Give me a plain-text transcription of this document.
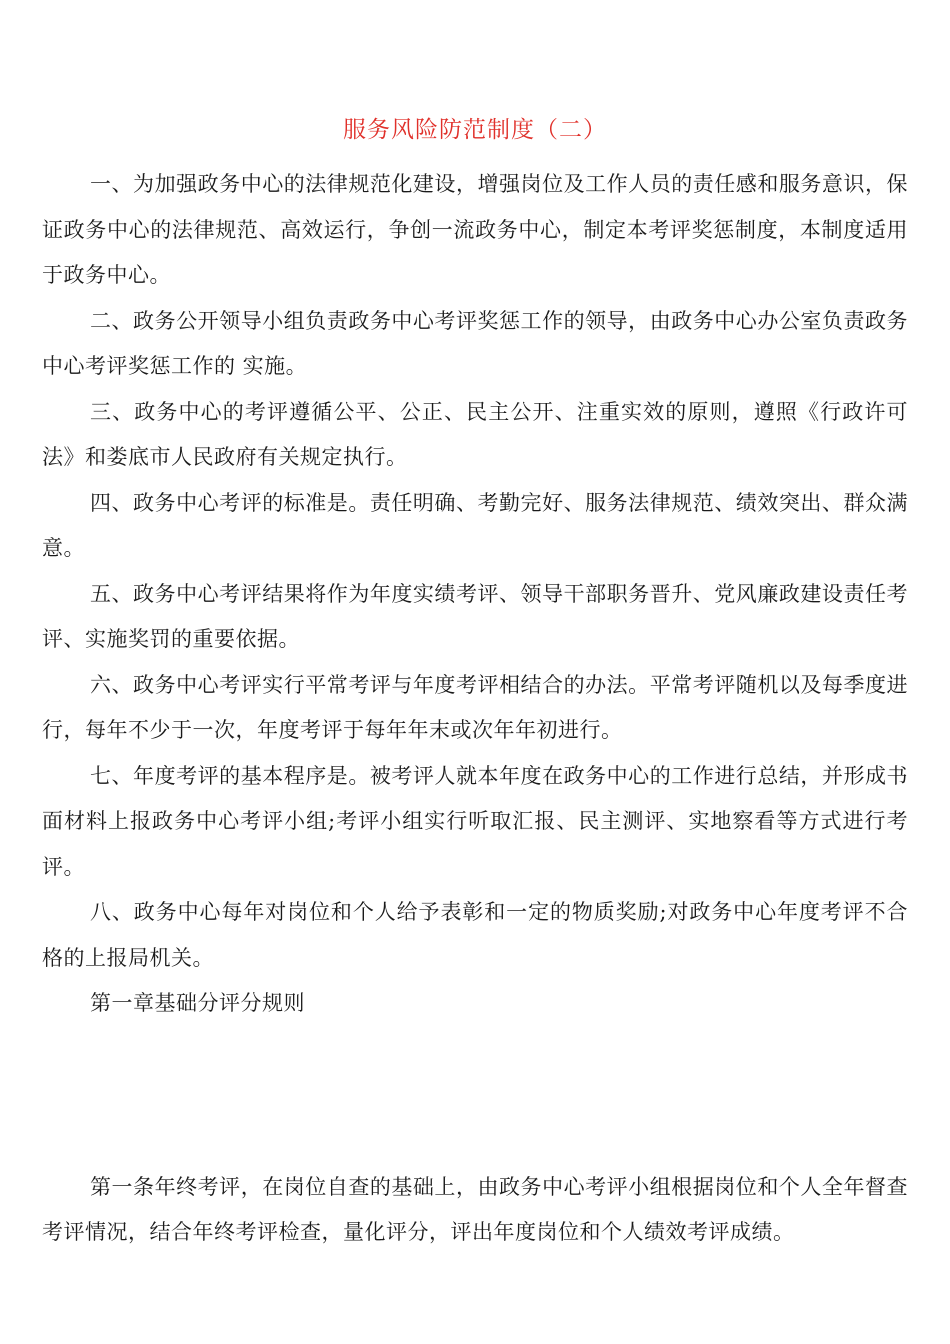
服务风险防范制度（二）

一、为加强政务中心的法律规范化建设，增强岗位及工作人员的责任感和服务意识，保证政务中心的法律规范、高效运行，争创一流政务中心，制定本考评奖惩制度，本制度适用于政务中心。

二、政务公开领导小组负责政务中心考评奖惩工作的领导，由政务中心办公室负责政务中心考评奖惩工作的 实施。

三、政务中心的考评遵循公平、公正、民主公开、注重实效的原则，遵照《行政许可法》和娄底市人民政府有关规定执行。

四、政务中心考评的标准是。责任明确、考勤完好、服务法律规范、绩效突出、群众满意。

五、政务中心考评结果将作为年度实绩考评、领导干部职务晋升、党风廉政建设责任考评、实施奖罚的重要依据。

六、政务中心考评实行平常考评与年度考评相结合的办法。平常考评随机以及每季度进行，每年不少于一次，年度考评于每年年末或次年年初进行。

七、年度考评的基本程序是。被考评人就本年度在政务中心的工作进行总结，并形成书面材料上报政务中心考评小组;考评小组实行听取汇报、民主测评、实地察看等方式进行考评。

八、政务中心每年对岗位和个人给予表彰和一定的物质奖励;对政务中心年度考评不合格的上报局机关。

第一章基础分评分规则

第一条年终考评，在岗位自查的基础上，由政务中心考评小组根据岗位和个人全年督查考评情况，结合年终考评检查，量化评分，评出年度岗位和个人绩效考评成绩。
